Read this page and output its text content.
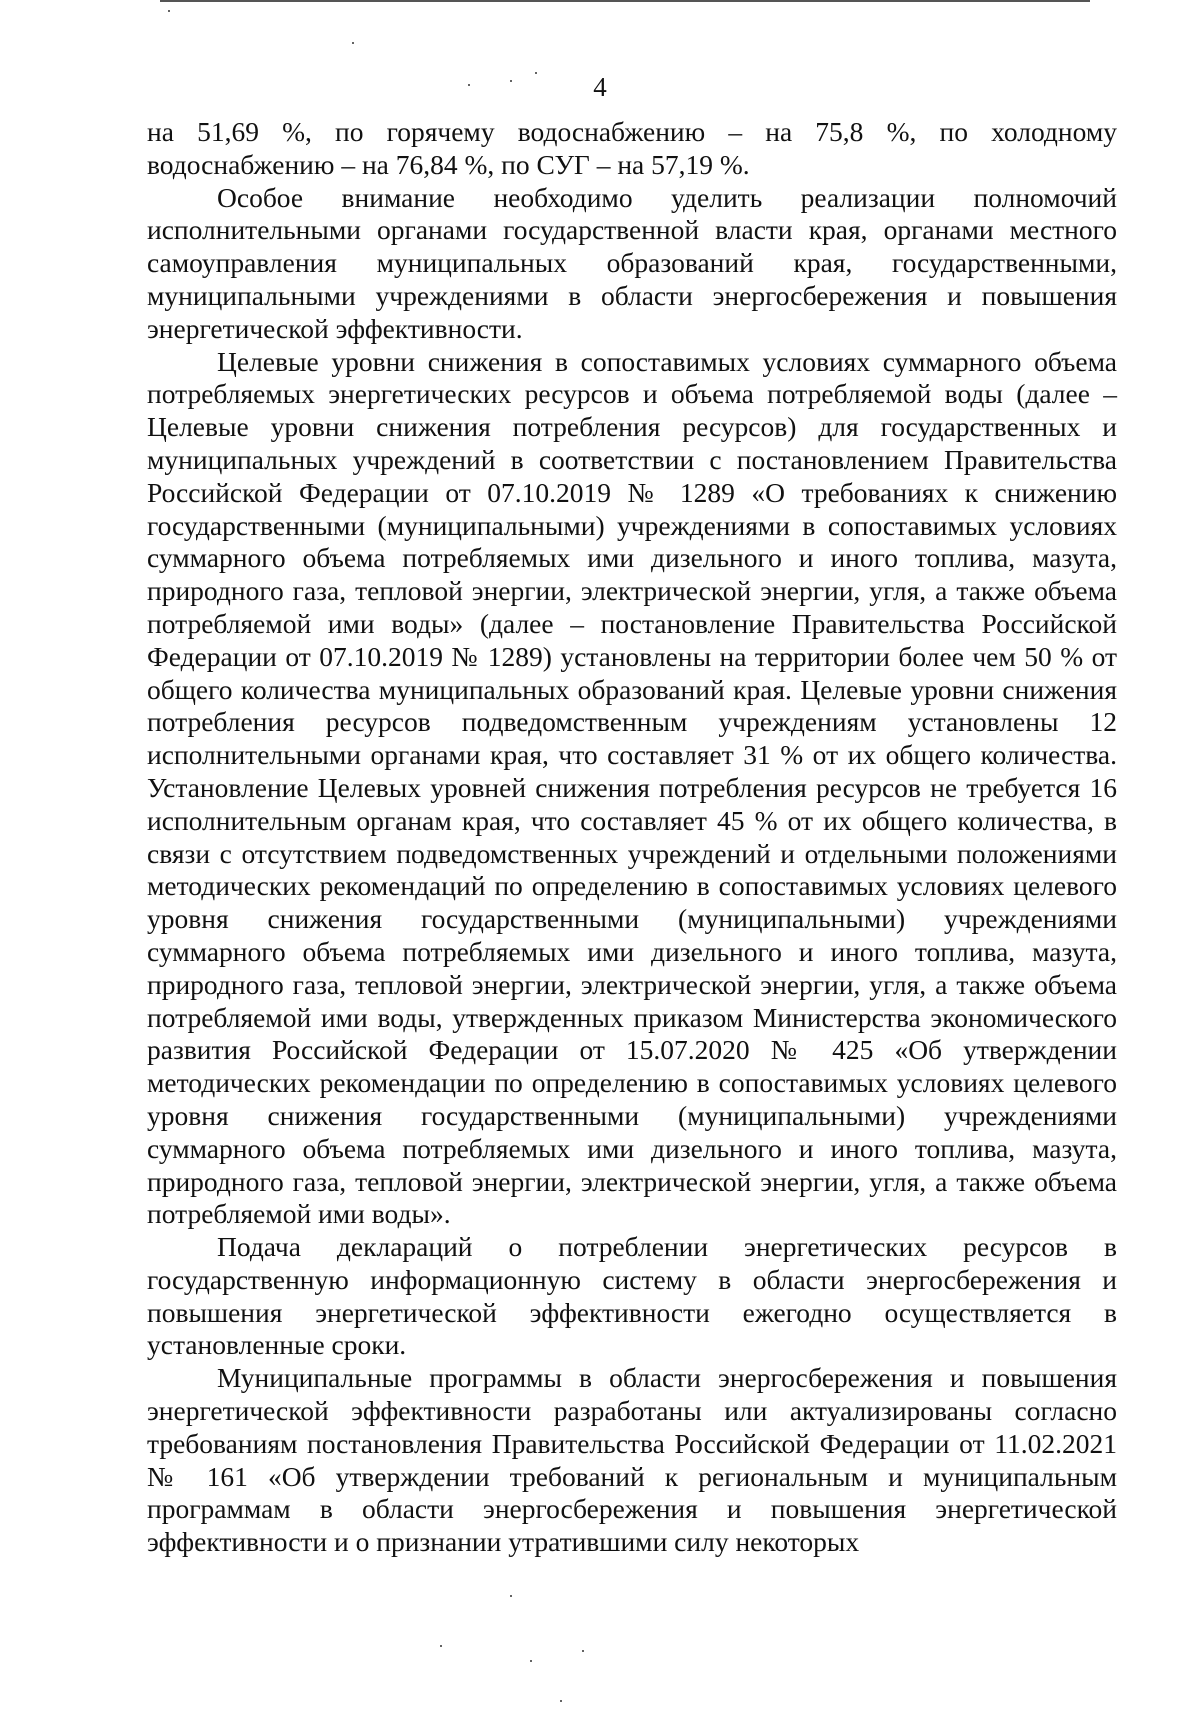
4

на 51,69 %, по горячему водоснабжению – на 75,8 %, по холодному водоснабжению – на 76,84 %, по СУГ – на 57,19 %.

Особое внимание необходимо уделить реализации полномочий исполнительными органами государственной власти края, органами местного самоуправления муниципальных образований края, государственными, муниципальными учреждениями в области энергосбережения и повышения энергетической эффективности.

Целевые уровни снижения в сопоставимых условиях суммарного объема потребляемых энергетических ресурсов и объема потребляемой воды (далее – Целевые уровни снижения потребления ресурсов) для государственных и муниципальных учреждений в соответствии с постановлением Правительства Российской Федерации от 07.10.2019 № 1289 «О требованиях к снижению государственными (муниципальными) учреждениями в сопоставимых условиях суммарного объема потребляемых ими дизельного и иного топлива, мазута, природного газа, тепловой энергии, электрической энергии, угля, а также объема потребляемой ими воды» (далее – постановление Правительства Российской Федерации от 07.10.2019 № 1289) установлены на территории более чем 50 % от общего количества муниципальных образований края. Целевые уровни снижения потребления ресурсов подведомственным учреждениям установлены 12 исполнительными органами края, что составляет 31 % от их общего количества. Установление Целевых уровней снижения потребления ресурсов не требуется 16 исполнительным органам края, что составляет 45 % от их общего количества, в связи с отсутствием подведомственных учреждений и отдельными положениями методических рекомендаций по определению в сопоставимых условиях целевого уровня снижения государственными (муниципальными) учреждениями суммарного объема потребляемых ими дизельного и иного топлива, мазута, природного газа, тепловой энергии, электрической энергии, угля, а также объема потребляемой ими воды, утвержденных приказом Министерства экономического развития Российской Федерации от 15.07.2020 № 425 «Об утверждении методических рекомендации по определению в сопоставимых условиях целевого уровня снижения государственными (муниципальными) учреждениями суммарного объема потребляемых ими дизельного и иного топлива, мазута, природного газа, тепловой энергии, электрической энергии, угля, а также объема потребляемой ими воды».

Подача деклараций о потреблении энергетических ресурсов в государственную информационную систему в области энергосбережения и повышения энергетической эффективности ежегодно осуществляется в установленные сроки.

Муниципальные программы в области энергосбережения и повышения энергетической эффективности разработаны или актуализированы согласно требованиям постановления Правительства Российской Федерации от 11.02.2021 № 161 «Об утверждении требований к региональным и муниципальным программам в области энергосбережения и повышения энергетической эффективности и о признании утратившими силу некоторых
